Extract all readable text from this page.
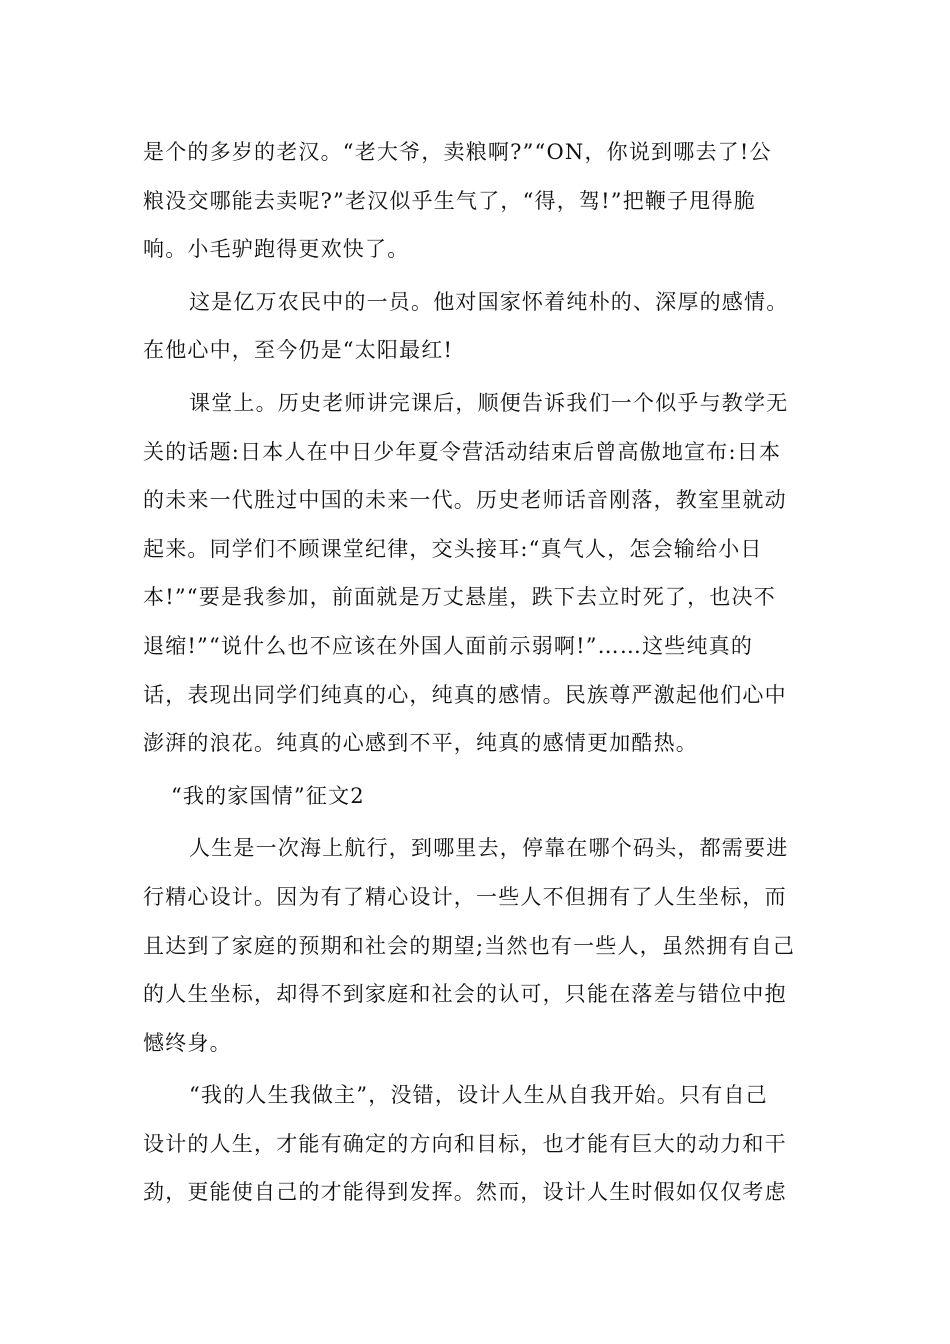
是个的多岁的老汉。“老大爷，卖粮啊?”“ON，你说到哪去了!公
粮没交哪能去卖呢?”老汉似乎生气了，“得，驾!”把鞭子甩得脆
响。小毛驴跑得更欢快了。

这是亿万农民中的一员。他对国家怀着纯朴的、深厚的感情。
在他心中，至今仍是“太阳最红!

课堂上。历史老师讲完课后，顺便告诉我们一个似乎与教学无
关的话题:日本人在中日少年夏令营活动结束后曾高傲地宣布:日本
的未来一代胜过中国的未来一代。历史老师话音刚落，教室里就动
起来。同学们不顾课堂纪律，交头接耳:“真气人，怎会输给小日
本!”“要是我参加，前面就是万丈悬崖，跌下去立时死了，也决不
退缩!”“说什么也不应该在外国人面前示弱啊!”……这些纯真的
话，表现出同学们纯真的心，纯真的感情。民族尊严激起他们心中
澎湃的浪花。纯真的心感到不平，纯真的感情更加酷热。

“我的家国情”征文2

人生是一次海上航行，到哪里去，停靠在哪个码头，都需要进
行精心设计。因为有了精心设计，一些人不但拥有了人生坐标，而
且达到了家庭的预期和社会的期望;当然也有一些人，虽然拥有自己
的人生坐标，却得不到家庭和社会的认可，只能在落差与错位中抱
憾终身。

“我的人生我做主”，没错，设计人生从自我开始。只有自己
设计的人生，才能有确定的方向和目标，也才能有巨大的动力和干
劲，更能使自己的才能得到发挥。然而，设计人生时假如仅仅考虑
